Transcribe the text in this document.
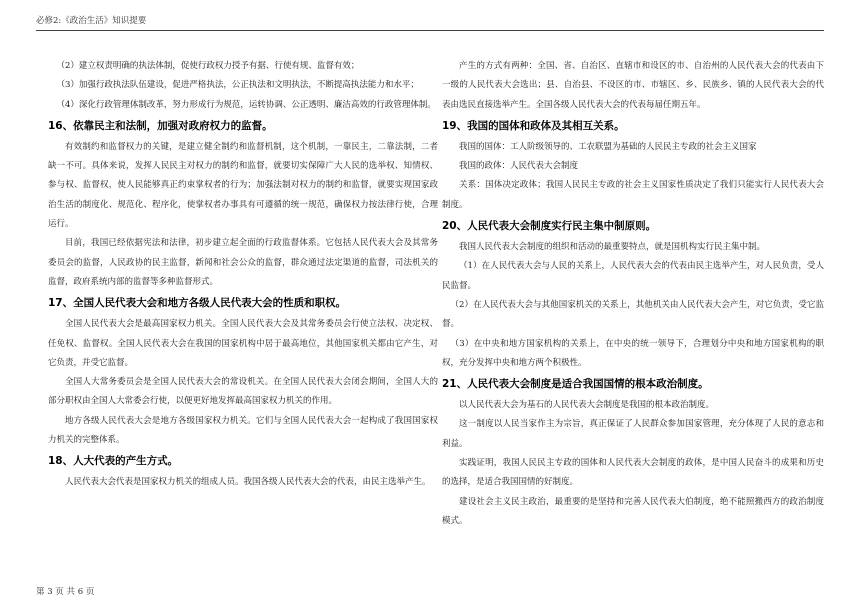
必修2:《政治生活》知识提要

（2）建立权责明确的执法体制，促使行政权力授予有据、行使有规、监督有效；

（3）加强行政执法队伍建设，促进严格执法，公正执法和文明执法，不断提高执法能力和水平；

（4）深化行政管理体制改革，努力形成行为规范，运转协调、公正透明、廉洁高效的行政管理体制。

16、依靠民主和法制，加强对政府权力的监督。

有效制约和监督权力的关键，是建立健全制约和监督机制，这个机制，一靠民主，二靠法制，二者缺一不可。具体来说，发挥人民民主对权力的制约和监督，就要切实保障广大人民的选举权、知情权、参与权、监督权，使人民能够真正约束掌权者的行为；加强法制对权力的制约和监督，就要实现国家政治生活的制度化、规范化、程序化，使掌权者办事具有可遵循的统一规范，确保权力按法律行使，合理运行。

目前，我国已经依据宪法和法律，初步建立起全面的行政监督体系。它包括人民代表大会及其常务委员会的监督，人民政协的民主监督，新闻和社会公众的监督，群众通过法定渠道的监督，司法机关的监督，政府系统内部的监督等多种监督形式。

17、全国人民代表大会和地方各级人民代表大会的性质和职权。

全国人民代表大会是最高国家权力机关。全国人民代表大会及其常务委员会行使立法权、决定权、任免权、监督权。全国人民代表大会在我国的国家机构中居于最高地位，其他国家机关都由它产生，对它负责，并受它监督。

全国人大常务委员会是全国人民代表大会的常设机关。在全国人民代表大会闭会期间，全国人大的部分职权由全国人大常委会行使，以便更好地发挥最高国家权力机关的作用。

地方各级人民代表大会是地方各级国家权力机关。它们与全国人民代表大会一起构成了我国国家权力机关的完整体系。

18、人大代表的产生方式。

人民代表大会代表是国家权力机关的组成人员。我国各级人民代表大会的代表，由民主选举产生。

产生的方式有两种：全国、省、自治区、直辖市和设区的市、自治州的人民代表大会的代表由下一级的人民代表大会选出；县、自治县、不设区的市、市辖区、乡、民族乡、镇的人民代表大会的代表由选民直接选举产生。全国各级人民代表大会的代表每届任期五年。

19、我国的国体和政体及其相互关系。

我国的国体：工人阶级领导的、工农联盟为基础的人民民主专政的社会主义国家

我国的政体：人民代表大会制度

关系：国体决定政体；我国人民民主专政的社会主义国家性质决定了我们只能实行人民代表大会制度。

20、人民代表大会制度实行民主集中制原则。

我国人民代表大会制度的组织和活动的最重要特点，就是国机构实行民主集中制。

（1）在人民代表大会与人民的关系上，人民代表大会的代表由民主选举产生，对人民负责，受人民监督。

（2）在人民代表大会与其他国家机关的关系上，其他机关由人民代表大会产生，对它负责，受它监督。

（3）在中央和地方国家机构的关系上，在中央的统一领导下，合理划分中央和地方国家机构的职权，充分发挥中央和地方两个积极性。

21、人民代表大会制度是适合我国国情的根本政治制度。

以人民代表大会为基石的人民代表大会制度是我国的根本政治制度。

这一制度以人民当家作主为宗旨，真正保证了人民群众参加国家管理，充分体现了人民的意志和利益。

实践证明，我国人民民主专政的国体和人民代表大会制度的政体，是中国人民奋斗的成果和历史的选择，是适合我国国情的好制度。

建设社会主义民主政治，最重要的是坚持和完善人民代表大伯制度，绝不能照搬西方的政治制度模式。

第 3 页 共 6 页
